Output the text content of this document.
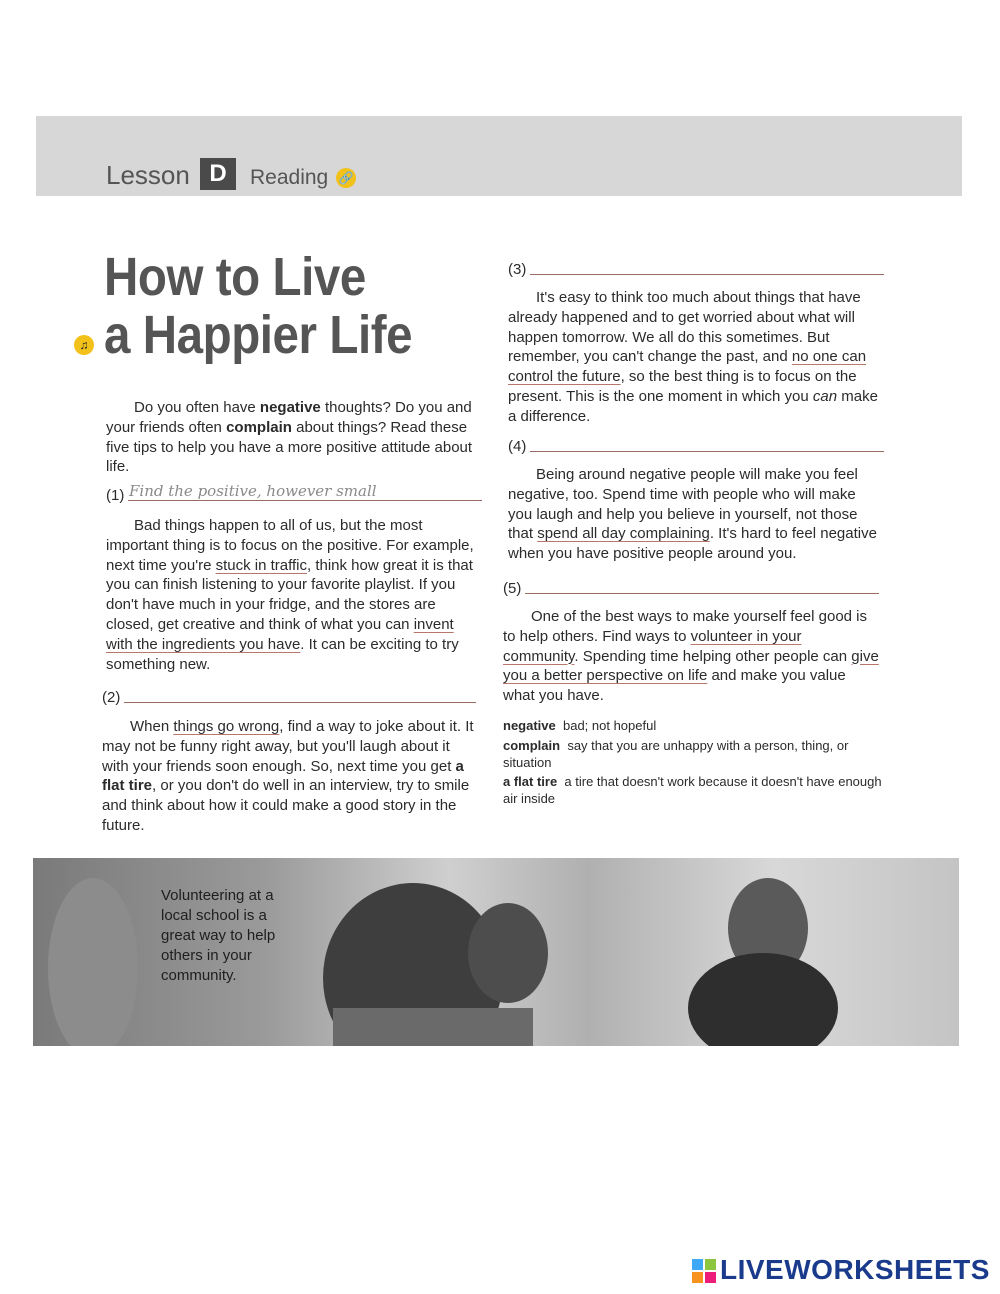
Lesson D	Reading 🔗
♫
How to Live
a Happier Life

Do you often have negative thoughts? Do you and your friends often complain about things? Read these five tips to help you have a more positive attitude about life.

(1) Find the positive, however small

Bad things happen to all of us, but the most important thing is to focus on the positive. For example, next time you're stuck in traffic, think how great it is that you can finish listening to your favorite playlist. If you don't have much in your fridge, and the stores are closed, get creative and think of what you can invent with the ingredients you have. It can be exciting to try something new.

(2)

When things go wrong, find a way to joke about it. It may not be funny right away, but you'll laugh about it with your friends soon enough. So, next time you get a flat tire, or you don't do well in an interview, try to smile and think about how it could make a good story in the future.

(3)

It's easy to think too much about things that have already happened and to get worried about what will happen tomorrow. We all do this sometimes. But remember, you can't change the past, and no one can control the future, so the best thing is to focus on the present. This is the one moment in which you can make a difference.

(4)

Being around negative people will make you feel negative, too. Spend time with people who will make you laugh and help you believe in yourself, not those that spend all day complaining. It's hard to feel negative when you have positive people around you.

(5)

One of the best ways to make yourself feel good is to help others. Find ways to volunteer in your community. Spending time helping other people can give you a better perspective on life and make you value what you have.

negative bad; not hopeful
complain say that you are unhappy with a person, thing, or situation
a flat tire a tire that doesn't work because it doesn't have enough air inside
Volunteering at a local school is a great way to help others in your community.
LIVEWORKSHEETS
